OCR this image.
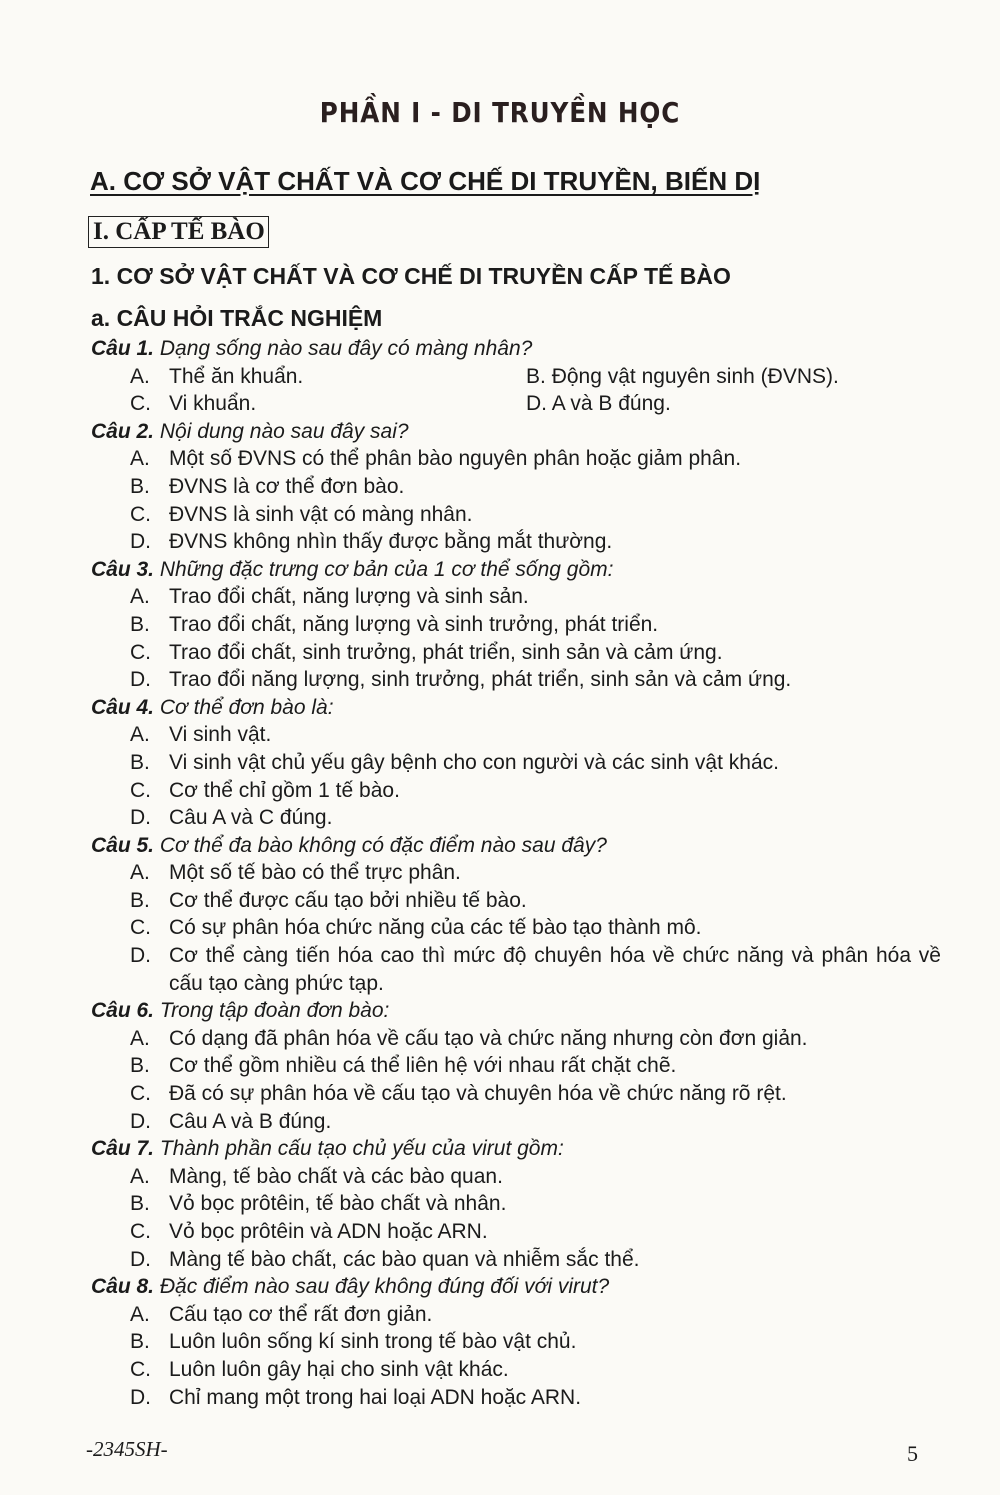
PHẦN I - DI TRUYỀN HỌC
A. CƠ SỞ VẬT CHẤT VÀ CƠ CHẾ DI TRUYỀN, BIẾN DỊ
I. CẤP TẾ BÀO
1. CƠ SỞ VẬT CHẤT VÀ CƠ CHẾ DI TRUYỀN CẤP TẾ BÀO
a. CÂU HỎI TRẮC NGHIỆM
Câu 1. Dạng sống nào sau đây có màng nhân?
A. Thể ăn khuẩn.	B. Động vật nguyên sinh (ĐVNS).
C. Vi khuẩn.	D. A và B đúng.
Câu 2. Nội dung nào sau đây sai?
A. Một số ĐVNS có thể phân bào nguyên phân hoặc giảm phân.
B. ĐVNS là cơ thể đơn bào.
C. ĐVNS là sinh vật có màng nhân.
D. ĐVNS không nhìn thấy được bằng mắt thường.
Câu 3. Những đặc trưng cơ bản của 1 cơ thể sống gồm:
A. Trao đổi chất, năng lượng và sinh sản.
B. Trao đổi chất, năng lượng và sinh trưởng, phát triển.
C. Trao đổi chất, sinh trưởng, phát triển, sinh sản và cảm ứng.
D. Trao đổi năng lượng, sinh trưởng, phát triển, sinh sản và cảm ứng.
Câu 4. Cơ thể đơn bào là:
A. Vi sinh vật.
B. Vi sinh vật chủ yếu gây bệnh cho con người và các sinh vật khác.
C. Cơ thể chỉ gồm 1 tế bào.
D. Câu A và C đúng.
Câu 5. Cơ thể đa bào không có đặc điểm nào sau đây?
A. Một số tế bào có thể trực phân.
B. Cơ thể được cấu tạo bởi nhiều tế bào.
C. Có sự phân hóa chức năng của các tế bào tạo thành mô.
D. Cơ thể càng tiến hóa cao thì mức độ chuyên hóa về chức năng và phân hóa về cấu tạo càng phức tạp.
Câu 6. Trong tập đoàn đơn bào:
A. Có dạng đã phân hóa về cấu tạo và chức năng nhưng còn đơn giản.
B. Cơ thể gồm nhiều cá thể liên hệ với nhau rất chặt chẽ.
C. Đã có sự phân hóa về cấu tạo và chuyên hóa về chức năng rõ rệt.
D. Câu A và B đúng.
Câu 7. Thành phần cấu tạo chủ yếu của virut gồm:
A. Màng, tế bào chất và các bào quan.
B. Vỏ bọc prôtêin, tế bào chất và nhân.
C. Vỏ bọc prôtêin và ADN hoặc ARN.
D. Màng tế bào chất, các bào quan và nhiễm sắc thể.
Câu 8. Đặc điểm nào sau đây không đúng đối với virut?
A. Cấu tạo cơ thể rất đơn giản.
B. Luôn luôn sống kí sinh trong tế bào vật chủ.
C. Luôn luôn gây hại cho sinh vật khác.
D. Chỉ mang một trong hai loại ADN hoặc ARN.
-2345SH-	5
